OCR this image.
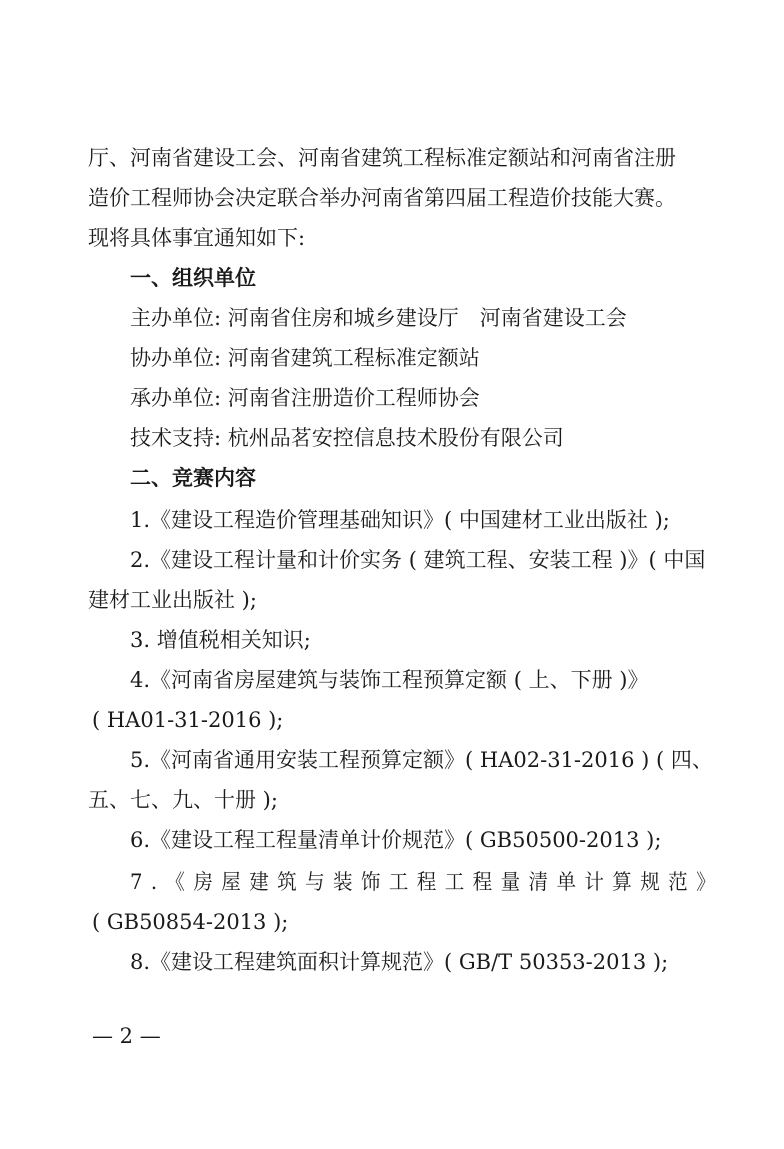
厅、河南省建设工会、河南省建筑工程标准定额站和河南省注册
造价工程师协会决定联合举办河南省第四届工程造价技能大赛。
现将具体事宜通知如下:
一、组织单位
主办单位: 河南省住房和城乡建设厅　河南省建设工会
协办单位: 河南省建筑工程标准定额站
承办单位: 河南省注册造价工程师协会
技术支持: 杭州品茗安控信息技术股份有限公司
二、竞赛内容
1.《建设工程造价管理基础知识》( 中国建材工业出版社 );
2.《建设工程计量和计价实务 ( 建筑工程、安装工程 )》( 中国
建材工业出版社 );
3. 增值税相关知识;
4.《河南省房屋建筑与装饰工程预算定额 ( 上、下册 )》
( HA01-31-2016 );
5.《河南省通用安装工程预算定额》( HA02-31-2016 ) ( 四、
五、七、九、十册 );
6.《建设工程工程量清单计价规范》( GB50500-2013 );
7.《房屋建筑与装饰工程工程量清单计算规范》
( GB50854-2013 );
8.《建设工程建筑面积计算规范》( GB/T 50353-2013 );
— 2 —
